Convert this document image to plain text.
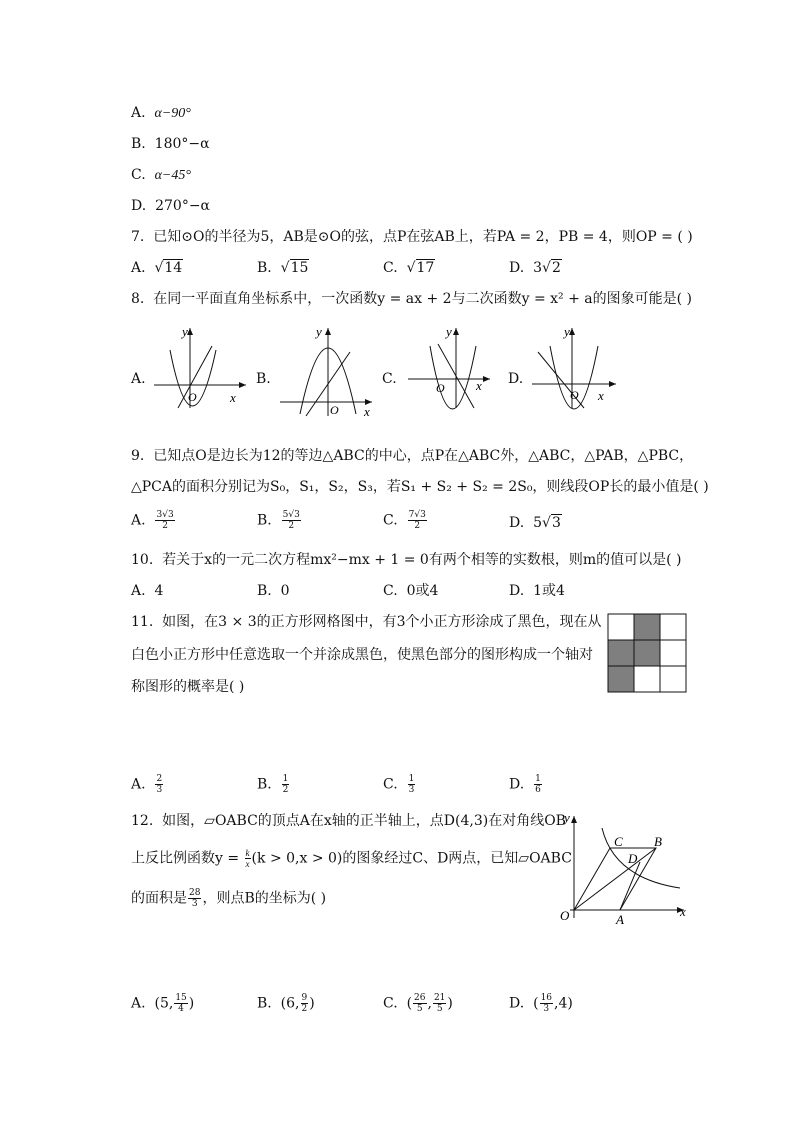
A. α−90°
B. 180°−α
C. α−45°
D. 270°−α
7. 已知⊙O的半径为5，AB是⊙O的弦，点P在弦AB上，若PA = 2，PB = 4，则OP = ( )
A. √14	B. √15	C. √17	D. 3√2
8. 在同一平面直角坐标系中，一次函数y = ax + 2与二次函数y = x² + a的图象可能是( )
A.
y
x
O
B.
y
x
O
C.
y
x
O
D.
y
x
O
9. 已知点O是边长为12的等边△ABC的中心，点P在△ABC外，△ABC，△PAB，△PBC，
△PCA的面积分别记为S₀，S₁，S₂，S₃，若S₁ + S₂ + S₂ = 2S₀，则线段OP长的最小值是( )
A. $\frac{3√3}{2}$	B. $\frac{5√3}{2}$	C. $\frac{7√3}{2}$	D. 5√3
10. 若关于x的一元二次方程mx²−mx + 1 = 0有两个相等的实数根，则m的值可以是( )
A. 4	B. 0	C. 0或4	D. 1或4
11. 如图，在3 × 3的正方形网格图中，有3个小正方形涂成了黑色，现在从
白色小正方形中任意选取一个并涂成黑色，使黑色部分的图形构成一个轴对
称图形的概率是( )
A. $\frac{2}{3}$	B. $\frac{1}{2}$	C. $\frac{1}{3}$	D. $\frac{1}{6}$
12. 如图，▱OABC的顶点A在x轴的正半轴上，点D(4,3)在对角线OB
上反比例函数$y = \frac{k}{x} (k > 0,x > 0)$的图象经过C、D两点，已知▱OABC
的面积是 $\frac{28}{3}$ ，则点B的坐标为( )
y
x
O	A
B
C
D
A.  (5, $\frac{15}{4}$ )	B.  (6, $\frac{9}{2}$ )	C.  ( $\frac{26}{5}$ , $\frac{21}{5}$ )	D.  ( $\frac{16}{3} ,4$)
